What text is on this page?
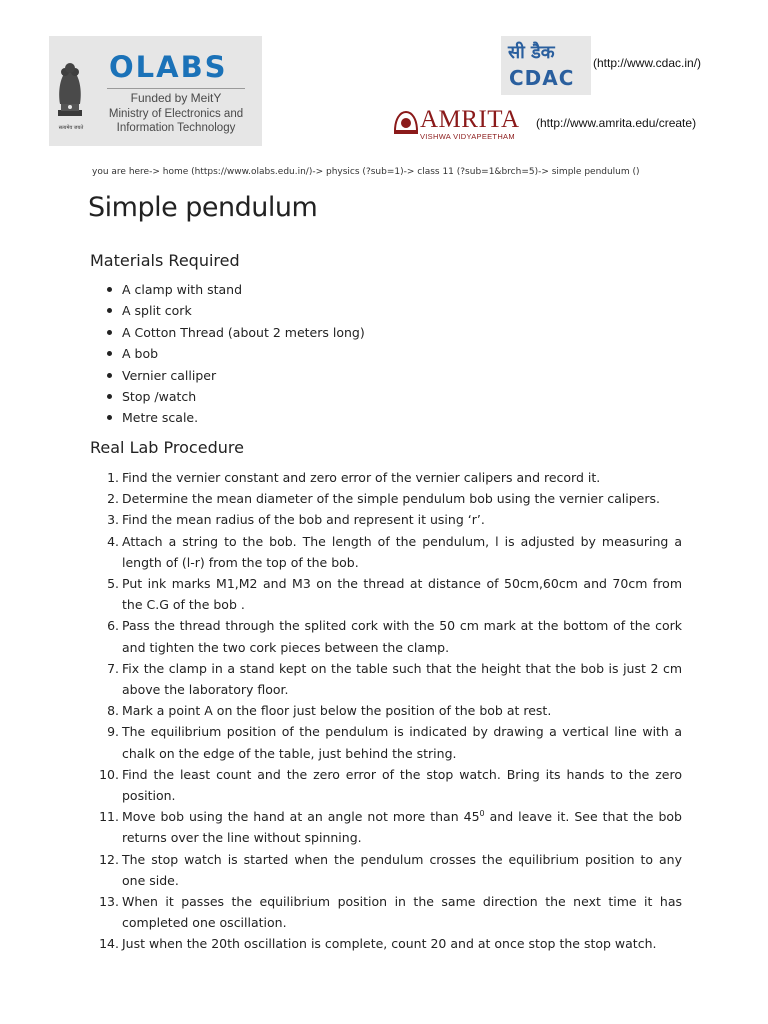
सत्यमेव जयते
OLABS
Funded by MeitY
Ministry of Electronics and Information Technology
सी डैक
CDAC
(http://www.cdac.in/)
AMRITA
VISHWA VIDYAPEETHAM
(http://www.amrita.edu/create)
you are here-> home (https://www.olabs.edu.in/)-> physics (?sub=1)-> class 11 (?sub=1&brch=5)-> simple pendulum ()
Simple pendulum
Materials Required
A clamp with stand
A split cork
A Cotton Thread (about 2 meters long)
A bob
Vernier calliper
Stop /watch
Metre scale.
Real Lab Procedure
1. Find the vernier constant and zero error of the vernier calipers and record it.
2. Determine the mean diameter of the simple pendulum bob using the vernier calipers.
3. Find the mean radius of the bob and represent it using ‘r’.
4. Attach a string to the bob. The length of the pendulum, l is adjusted by measuring a length of (l-r) from the top of the bob.
5. Put ink marks M1,M2 and M3 on the thread at distance of 50cm,60cm and 70cm from the C.G of the bob .
6. Pass the thread through the splited cork with the 50 cm mark at the bottom of the cork and tighten the two cork pieces between the clamp.
7. Fix the clamp in a stand kept on the table such that the height that the bob is just 2 cm above the laboratory floor.
8. Mark a point A on the floor just below the position of the bob at rest.
9. The equilibrium position of the pendulum is indicated by drawing a vertical line with a chalk on the edge of the table, just behind the string.
10. Find the least count and the zero error of the stop watch. Bring its hands to the zero position.
11. Move bob using the hand at an angle not more than $45^0$ and leave it. See that the bob returns over the line without spinning.
12. The stop watch is started when the pendulum crosses the equilibrium position to any one side.
13. When it passes the equilibrium position in the same direction the next time it has completed one oscillation.
14. Just when the 20th oscillation is complete, count 20 and at once stop the stop watch.
